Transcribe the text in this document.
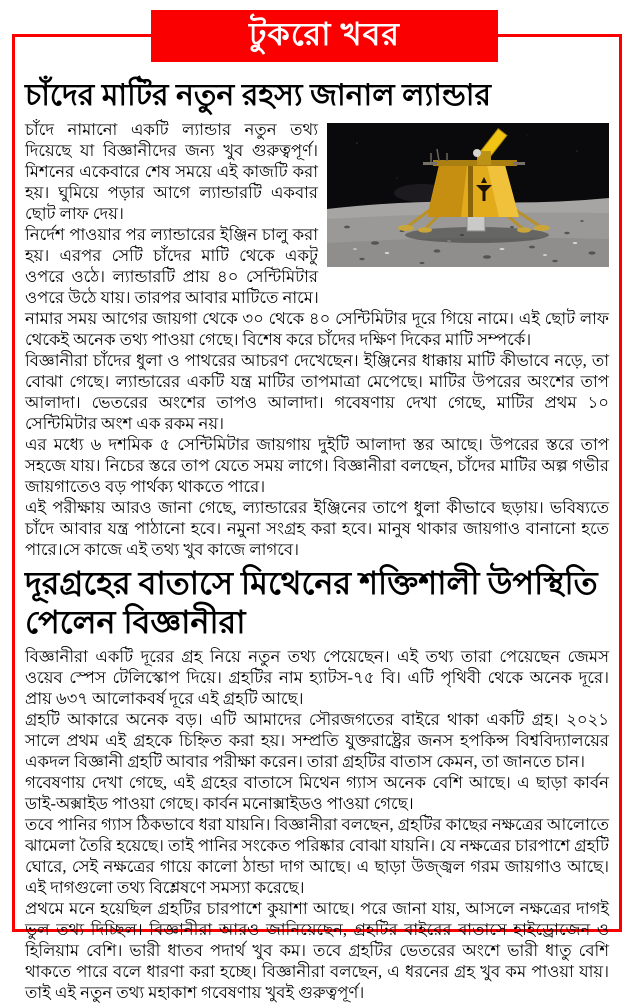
টুকরো খবর
চাঁদের মাটির নতুন রহস্য জানাল ল্যান্ডার

চাঁদে নামানো একটি ল্যান্ডার নতুন তথ্য দিয়েছে যা বিজ্ঞানীদের জন্য খুব গুরুত্বপূর্ণ। মিশনের একেবারে শেষ সময়ে এই কাজটি করা হয়। ঘুমিয়ে পড়ার আগে ল্যান্ডারটি একবার ছোট লাফ দেয়।

নির্দেশ পাওয়ার পর ল্যান্ডারের ইঞ্জিন চালু করা হয়। এরপর সেটি চাঁদের মাটি থেকে একটু ওপরে ওঠে। ল্যান্ডারটি প্রায় ৪০ সেন্টিমিটার ওপরে উঠে যায়। তারপর আবার মাটিতে নামে।

নামার সময় আগের জায়গা থেকে ৩০ থেকে ৪০ সেন্টিমিটার দূরে গিয়ে নামে। এই ছোট লাফ থেকেই অনেক তথ্য পাওয়া গেছে। বিশেষ করে চাঁদের দক্ষিণ দিকের মাটি সম্পর্কে।

বিজ্ঞানীরা চাঁদের ধুলা ও পাথরের আচরণ দেখেছেন। ইঞ্জিনের ধাক্কায় মাটি কীভাবে নড়ে, তা বোঝা গেছে। ল্যান্ডারের একটি যন্ত্র মাটির তাপমাত্রা মেপেছে। মাটির উপরের অংশের তাপ আলাদা। ভেতরের অংশের তাপও আলাদা। গবেষণায় দেখা গেছে, মাটির প্রথম ১০ সেন্টিমিটার অংশ এক রকম নয়।

এর মধ্যে ৬ দশমিক ৫ সেন্টিমিটার জায়গায় দুইটি আলাদা স্তর আছে। উপরের স্তরে তাপ সহজে যায়। নিচের স্তরে তাপ যেতে সময় লাগে। বিজ্ঞানীরা বলছেন, চাঁদের মাটির অল্প গভীর জায়গাতেও বড় পার্থক্য থাকতে পারে।

এই পরীক্ষায় আরও জানা গেছে, ল্যান্ডারের ইঞ্জিনের তাপে ধুলা কীভাবে ছড়ায়। ভবিষ্যতে চাঁদে আবার যন্ত্র পাঠানো হবে। নমুনা সংগ্রহ করা হবে। মানুষ থাকার জায়গাও বানানো হতে পারে।সে কাজে এই তথ্য খুব কাজে লাগবে।

দূরগ্রহের বাতাসে মিথেনের শক্তিশালী উপস্থিতি পেলেন বিজ্ঞানীরা

বিজ্ঞানীরা একটি দূরের গ্রহ নিয়ে নতুন তথ্য পেয়েছেন। এই তথ্য তারা পেয়েছেন জেমস ওয়েব স্পেস টেলিস্কোপ দিয়ে। গ্রহটির নাম হ্যাটস-৭৫ বি। এটি পৃথিবী থেকে অনেক দূরে। প্রায় ৬৩৭ আলোকবর্ষ দূরে এই গ্রহটি আছে।

গ্রহটি আকারে অনেক বড়। এটি আমাদের সৌরজগতের বাইরে থাকা একটি গ্রহ। ২০২১ সালে প্রথম এই গ্রহকে চিহ্নিত করা হয়। সম্প্রতি যুক্তরাষ্ট্রের জনস হপকিন্স বিশ্ববিদ্যালয়ের একদল বিজ্ঞানী গ্রহটি আবার পরীক্ষা করেন। তারা গ্রহটির বাতাস কেমন, তা জানতে চান।

গবেষণায় দেখা গেছে, এই গ্রহের বাতাসে মিথেন গ্যাস অনেক বেশি আছে। এ ছাড়া কার্বন ডাই-অক্সাইড পাওয়া গেছে। কার্বন মনোক্সাইডও পাওয়া গেছে।

তবে পানির গ্যাস ঠিকভাবে ধরা যায়নি। বিজ্ঞানীরা বলছেন, গ্রহটির কাছের নক্ষত্রের আলোতে ঝামেলা তৈরি হয়েছে। তাই পানির সংকেত পরিষ্কার বোঝা যায়নি। যে নক্ষত্রের চারপাশে গ্রহটি ঘোরে, সেই নক্ষত্রের গায়ে কালো ঠান্ডা দাগ আছে। এ ছাড়া উজ্জ্বল গরম জায়গাও আছে। এই দাগগুলো তথ্য বিশ্লেষণে সমস্যা করেছে।

প্রথমে মনে হয়েছিল গ্রহটির চারপাশে কুয়াশা আছে। পরে জানা যায়, আসলে নক্ষত্রের দাগই ভুল তথ্য দিচ্ছিল। বিজ্ঞানীরা আরও জানিয়েছেন, গ্রহটির বাইরের বাতাসে হাইড্রোজেন ও হিলিয়াম বেশি। ভারী ধাতব পদার্থ খুব কম। তবে গ্রহটির ভেতরের অংশে ভারী ধাতু বেশি থাকতে পারে বলে ধারণা করা হচ্ছে। বিজ্ঞানীরা বলছেন, এ ধরনের গ্রহ খুব কম পাওয়া যায়। তাই এই নতুন তথ্য মহাকাশ গবেষণায় খুবই গুরুত্বপূর্ণ।
